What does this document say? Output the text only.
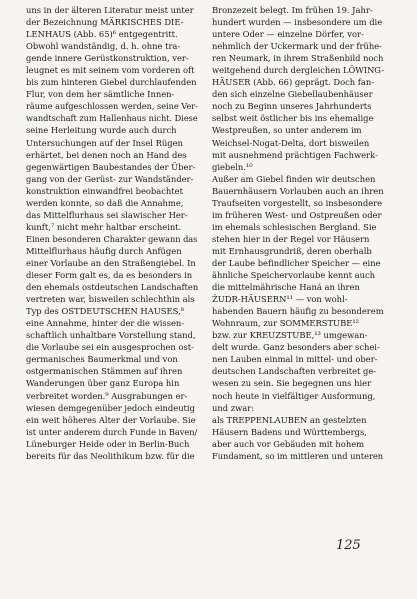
uns in der älteren Literatur meist unter
der Bezeichnung MÄRKISCHES DIE-
LENHAUS (Abb. 65)⁶ entgegentritt.
Obwohl wandständig, d. h. ohne tra-
gende innere Gerüstkonstruktion, ver-
leugnet es mit seinem vom vorderen oft
bis zum hinteren Giebel durchlaufenden
Flur, von dem her sämtliche Innen-
räume aufgeschlossen werden, seine Ver-
wandtschaft zum Hallenhaus nicht. Diese
seine Herleitung wurde auch durch
Untersuchungen auf der Insel Rügen
erhärtet, bei denen noch an Hand des
gegenwärtigen Baubestandes der Über-
gang von der Gerüst- zur Wandständer-
konstruktion einwandfrei beobachtet
werden konnte, so daß die Annahme,
das Mittelflurhaus sei slawischer Her-
kunft,⁷ nicht mehr haltbar erscheint.
Einen besonderen Charakter gewann das
Mittelflurhaus häufig durch Anfügen
einer Vorlaube an den Straßengiebel. In
dieser Form galt es, da es besonders in
den ehemals ostdeutschen Landschaften
vertreten war, bisweilen schlechthin als
Typ des OSTDEUTSCHEN HAUSES,⁸
eine Annahme, hinter der die wissen-
schaftlich unhaltbare Vorstellung stand,
die Vorlaube sei ein ausgesprochen ost-
germanisches Baumerkmal und von
ostgermanischen Stämmen auf ihren
Wanderungen über ganz Europa hin
verbreitet worden.⁹ Ausgrabungen er-
wiesen demgegenüber jedoch eindeutig
ein weit höheres Alter der Vorlaube. Sie
ist unter anderem durch Funde in Baven/
Lüneburger Heide oder in Berlin-Buch
bereits für das Neolithikum bzw. für die
Bronzezeit belegt. Im frühen 19. Jahr-
hundert wurden — insbesondere um die
untere Oder — einzelne Dörfer, vor-
nehmlich der Uckermark und der frühe-
ren Neumark, in ihrem Straßenbild noch
weitgehend durch dergleichen LÖWING-
HÄUSER (Abb. 66) geprägt. Doch fan-
den sich einzelne Giebellaubenhäuser
noch zu Beginn unseres Jahrhunderts
selbst weit östlicher bis ins ehemalige
Westpreußen, so unter anderem im
Weichsel-Nogat-Delta, dort bisweilen
mit ausnehmend prächtigen Fachwerk-
giebeln.¹⁰
Außer am Giebel finden wir deutschen
Bauernhäusern Vorlauben auch an ihren
Traufseiten vorgestellt, so insbesondere
im früheren West- und Ostpreußen oder
im ehemals schlesischen Bergland. Sie
stehen hier in der Regel vor Häusern
mit Ernhausgrundriß, deren oberhalb
der Laube befindlicher Speicher — eine
ähnliche Speichervorlaube kennt auch
die mittelmährische Haná an ihren
ŽUDR-HÄUSERN¹¹ — von wohl-
habenden Bauern häufig zu besonderem
Wohnraum, zur SOMMERSTUBE¹²
bzw. zur KREUZSTUBE,¹³ umgewan-
delt wurde. Ganz besonders aber schei-
nen Lauben einmal in mittel- und ober-
deutschen Landschaften verbreitet ge-
wesen zu sein. Sie begegnen uns hier
noch heute in vielfältiger Ausformung,
und zwar:
als TREPPENLAUBEN an gestelzten
Häusern Badens und Württembergs,
aber auch vor Gebäuden mit hohem
Fundament, so im mittleren und unteren
125
